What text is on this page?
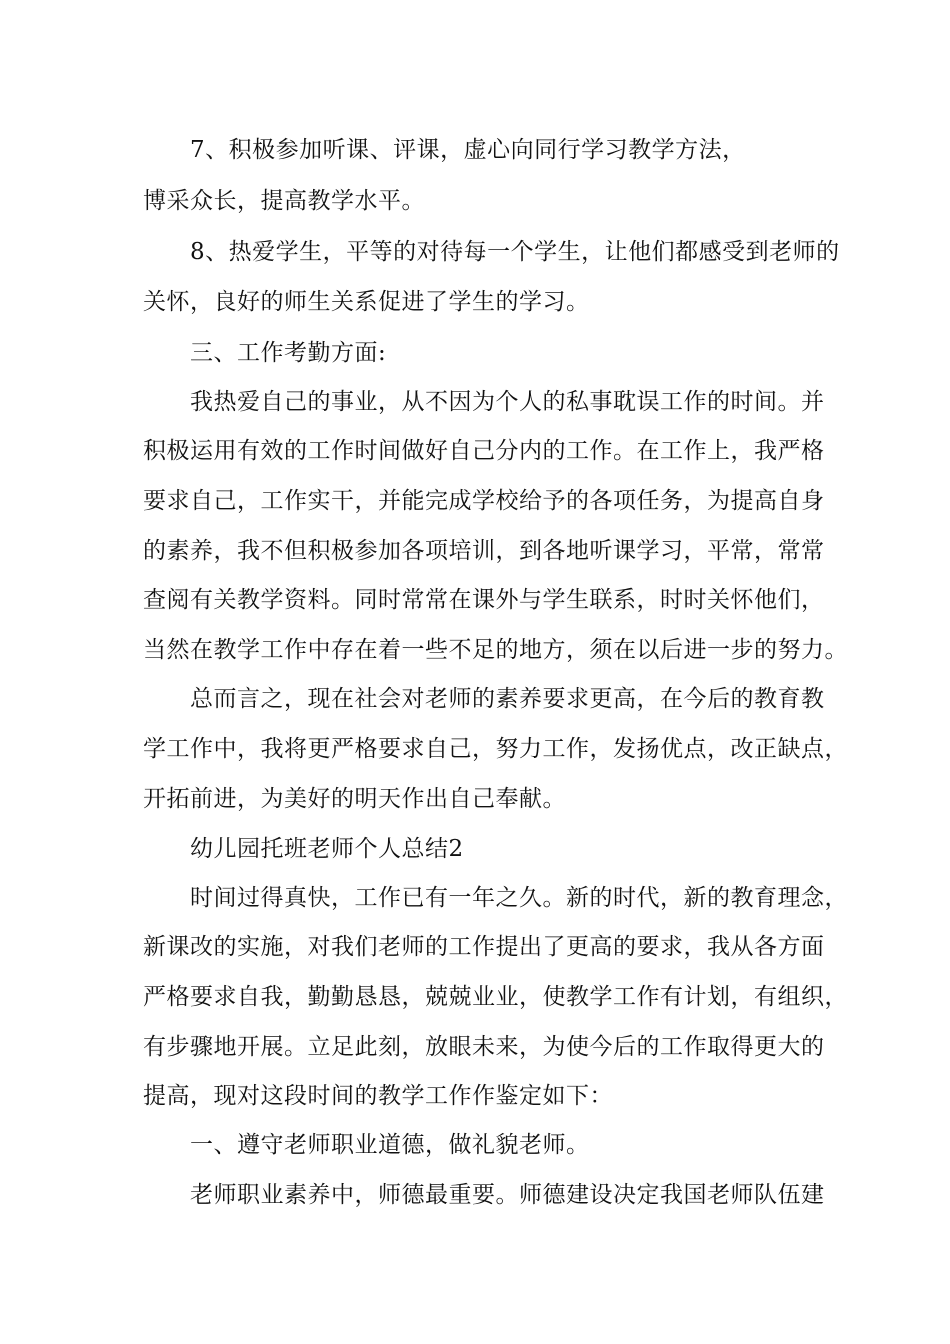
7、积极参加听课、评课，虚心向同行学习教学方法，
博采众长，提高教学水平。
8、热爱学生，平等的对待每一个学生，让他们都感受到老师的
关怀，良好的师生关系促进了学生的学习。
三、工作考勤方面:
我热爱自己的事业，从不因为个人的私事耽误工作的时间。并
积极运用有效的工作时间做好自己分内的工作。在工作上，我严格
要求自己，工作实干，并能完成学校给予的各项任务，为提高自身
的素养，我不但积极参加各项培训，到各地听课学习，平常，常常
查阅有关教学资料。同时常常在课外与学生联系，时时关怀他们，
当然在教学工作中存在着一些不足的地方，须在以后进一步的努力。
总而言之，现在社会对老师的素养要求更高，在今后的教育教
学工作中，我将更严格要求自己，努力工作，发扬优点，改正缺点，
开拓前进，为美好的明天作出自己奉献。
幼儿园托班老师个人总结2
时间过得真快，工作已有一年之久。新的时代，新的教育理念，
新课改的实施，对我们老师的工作提出了更高的要求，我从各方面
严格要求自我，勤勤恳恳，兢兢业业，使教学工作有计划，有组织，
有步骤地开展。立足此刻，放眼未来，为使今后的工作取得更大的
提高，现对这段时间的教学工作作鉴定如下：
一、遵守老师职业道德，做礼貌老师。
老师职业素养中，师德最重要。师德建设决定我国老师队伍建
